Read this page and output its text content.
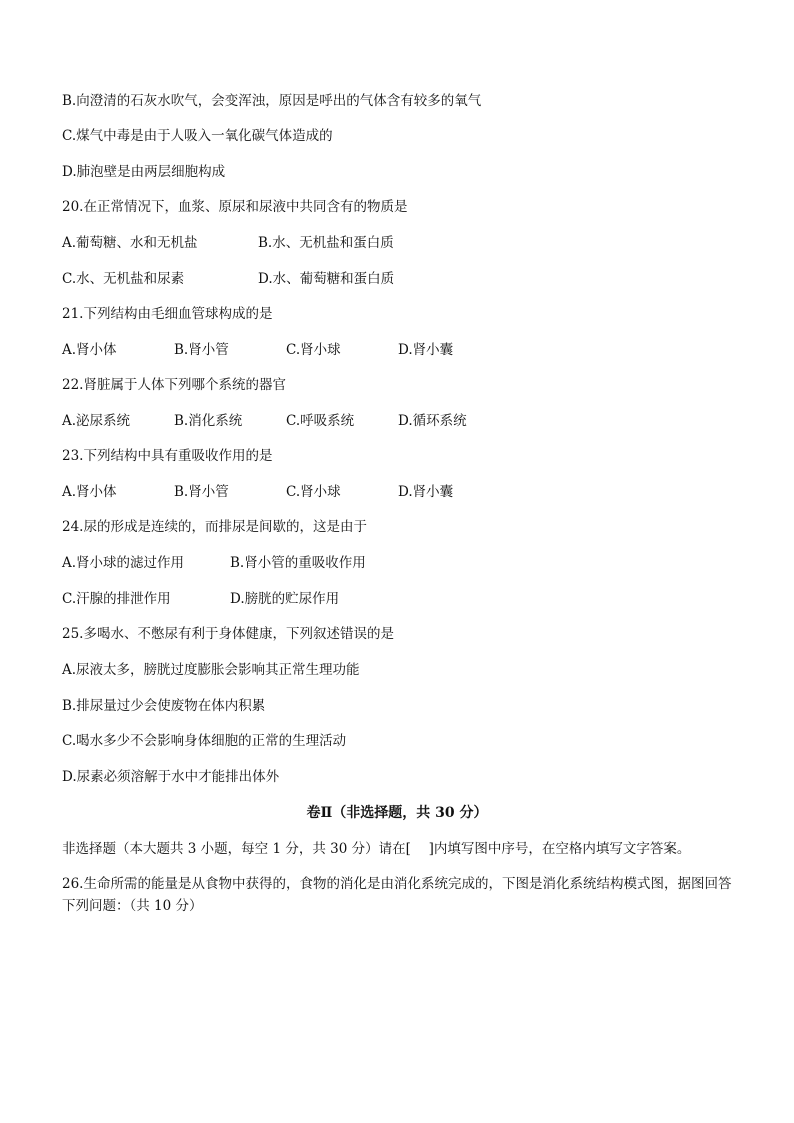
B.向澄清的石灰水吹气，会变浑浊，原因是呼出的气体含有较多的氧气
C.煤气中毒是由于人吸入一氧化碳气体造成的
D.肺泡壁是由两层细胞构成
20.在正常情况下，血浆、原尿和尿液中共同含有的物质是
A.葡萄糖、水和无机盐	B.水、无机盐和蛋白质
C.水、无机盐和尿素	D.水、葡萄糖和蛋白质
21.下列结构由毛细血管球构成的是
A.肾小体	B.肾小管	C.肾小球	D.肾小囊
22.肾脏属于人体下列哪个系统的器官
A.泌尿系统	B.消化系统	C.呼吸系统	D.循环系统
23.下列结构中具有重吸收作用的是
A.肾小体	B.肾小管	C.肾小球	D.肾小囊
24.尿的形成是连续的，而排尿是间歇的，这是由于
A.肾小球的滤过作用	B.肾小管的重吸收作用
C.汗腺的排泄作用	D.膀胱的贮尿作用
25.多喝水、不憋尿有利于身体健康，下列叙述错误的是
A.尿液太多，膀胱过度膨胀会影响其正常生理功能
B.排尿量过少会使废物在体内积累
C.喝水多少不会影响身体细胞的正常的生理活动
D.尿素必须溶解于水中才能排出体外
卷Ⅱ（非选择题，共 30 分）
非选择题（本大题共 3 小题，每空 1 分，共 30 分）请在[　 ]内填写图中序号，在空格内填写文字答案。
26.生命所需的能量是从食物中获得的，食物的消化是由消化系统完成的，下图是消化系统结构模式图，据图回答下列问题：（共 10 分）
